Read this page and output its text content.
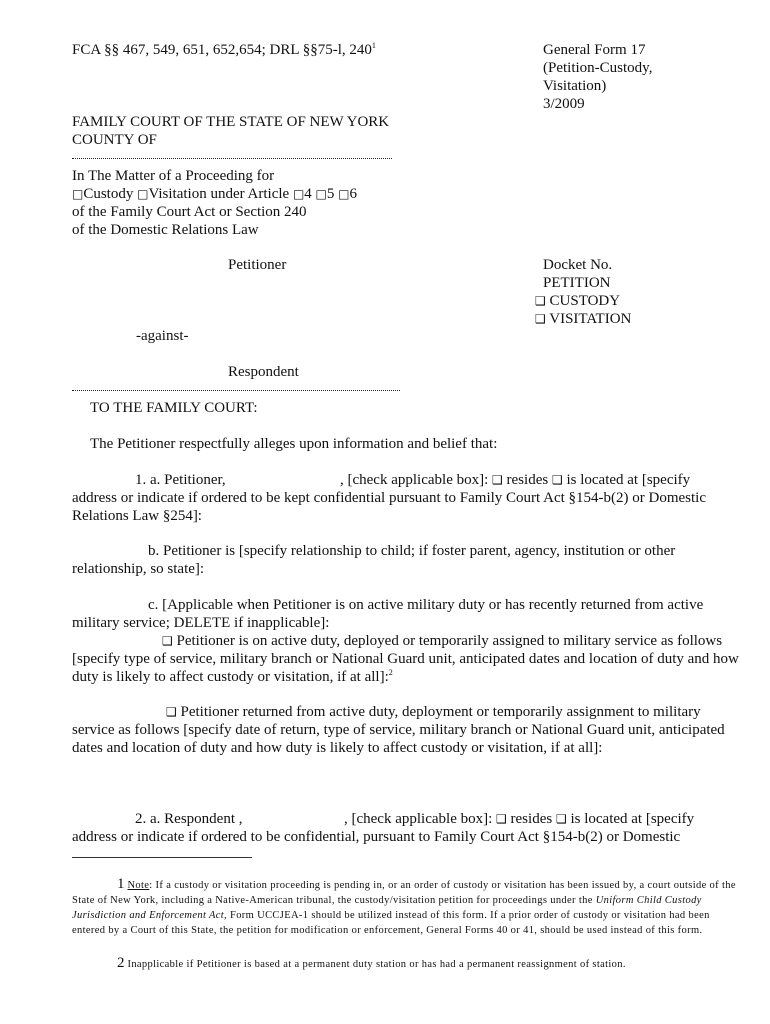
FCA §§ 467, 549, 651, 652,654; DRL §§75-l, $240^1$	General Form 17
(Petition-Custody,
Visitation)
3/2009
FAMILY COURT OF THE STATE OF NEW YORK
COUNTY OF
In The Matter of a Proceeding for
□Custody □Visitation under Article □4 □5 □6
of the Family Court Act or Section 240
of the Domestic Relations Law
Petitioner
-against-
Respondent
Docket No.
PETITION
❑ CUSTODY
❑ VISITATION
TO THE FAMILY COURT:
The Petitioner respectfully alleges upon information and belief that:
1. a. Petitioner,	, [check applicable box]: ❑ resides ❑ is located at [specify
address or indicate if ordered to be kept confidential pursuant to Family Court Act §154-b(2) or Domestic
Relations Law §254]:
b. Petitioner is [specify relationship to child; if foster parent, agency, institution or other
relationship, so state]:
c. [Applicable when Petitioner is on active military duty or has recently returned from active
military service; DELETE if inapplicable]:
❑ Petitioner is on active duty, deployed or temporarily assigned to military service as follows
[specify type of service, military branch or National Guard unit, anticipated dates and location of duty and how
duty is likely to affect custody or visitation, if at all]:$^2$
❑ Petitioner returned from active duty, deployment or temporarily assignment to military
service as follows [specify date of return, type of service, military branch or National Guard unit, anticipated
dates and location of duty and how duty is likely to affect custody or visitation, if at all]:
2. a. Respondent ,	, [check applicable box]: ❑ resides ❑ is located at [specify
address or indicate if ordered to be confidential, pursuant to Family Court Act §154-b(2) or Domestic
1 Note: If a custody or visitation proceeding is pending in, or an order of custody or visitation has been issued by, a court outside of the State of New York, including a Native-American tribunal, the custody/visitation petition for proceedings under the Uniform Child Custody Jurisdiction and Enforcement Act, Form UCCJEA-1 should be utilized instead of this form. If a prior order of custody or visitation had been entered by a Court of this State, the petition for modification or enforcement, General Forms 40 or 41, should be used instead of this form.
2 Inapplicable if Petitioner is based at a permanent duty station or has had a permanent reassignment of station.
